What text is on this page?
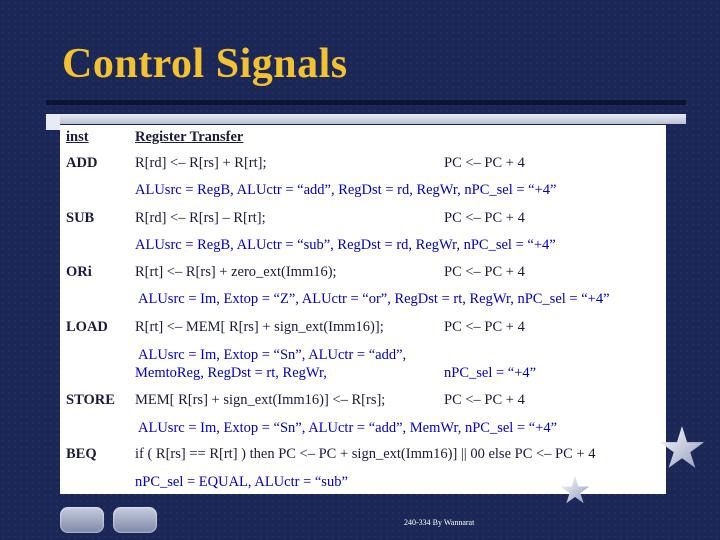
Control Signals
inst	Register Transfer
ADD	R[rd] <– R[rs] + R[rt];	PC <– PC + 4
ALUsrc = RegB, ALUctr = “add”, RegDst = rd, RegWr, nPC_sel = “+4”
SUB	R[rd] <– R[rs] – R[rt];	PC <– PC + 4
ALUsrc = RegB, ALUctr = “sub”, RegDst = rd, RegWr, nPC_sel = “+4”
ORi	R[rt] <– R[rs] + zero_ext(Imm16);	PC <– PC + 4
ALUsrc = Im, Extop = “Z”, ALUctr = “or”, RegDst = rt, RegWr, nPC_sel = “+4”
LOAD R[rt] <– MEM[ R[rs] + sign_ext(Imm16)];	PC <– PC + 4
ALUsrc = Im, Extop = “Sn”, ALUctr = “add”,
MemtoReg, RegDst = rt, RegWr,	nPC_sel = “+4”
STORE MEM[ R[rs] + sign_ext(Imm16)] <– R[rs];	PC <– PC + 4
ALUsrc = Im, Extop = “Sn”, ALUctr = “add”, MemWr, nPC_sel = “+4”
BEQ	if ( R[rs] == R[rt] ) then PC <– PC + sign_ext(Imm16)] || 00 else PC <– PC + 4
nPC_sel = EQUAL, ALUctr = “sub”
240-334 By Wannarat
